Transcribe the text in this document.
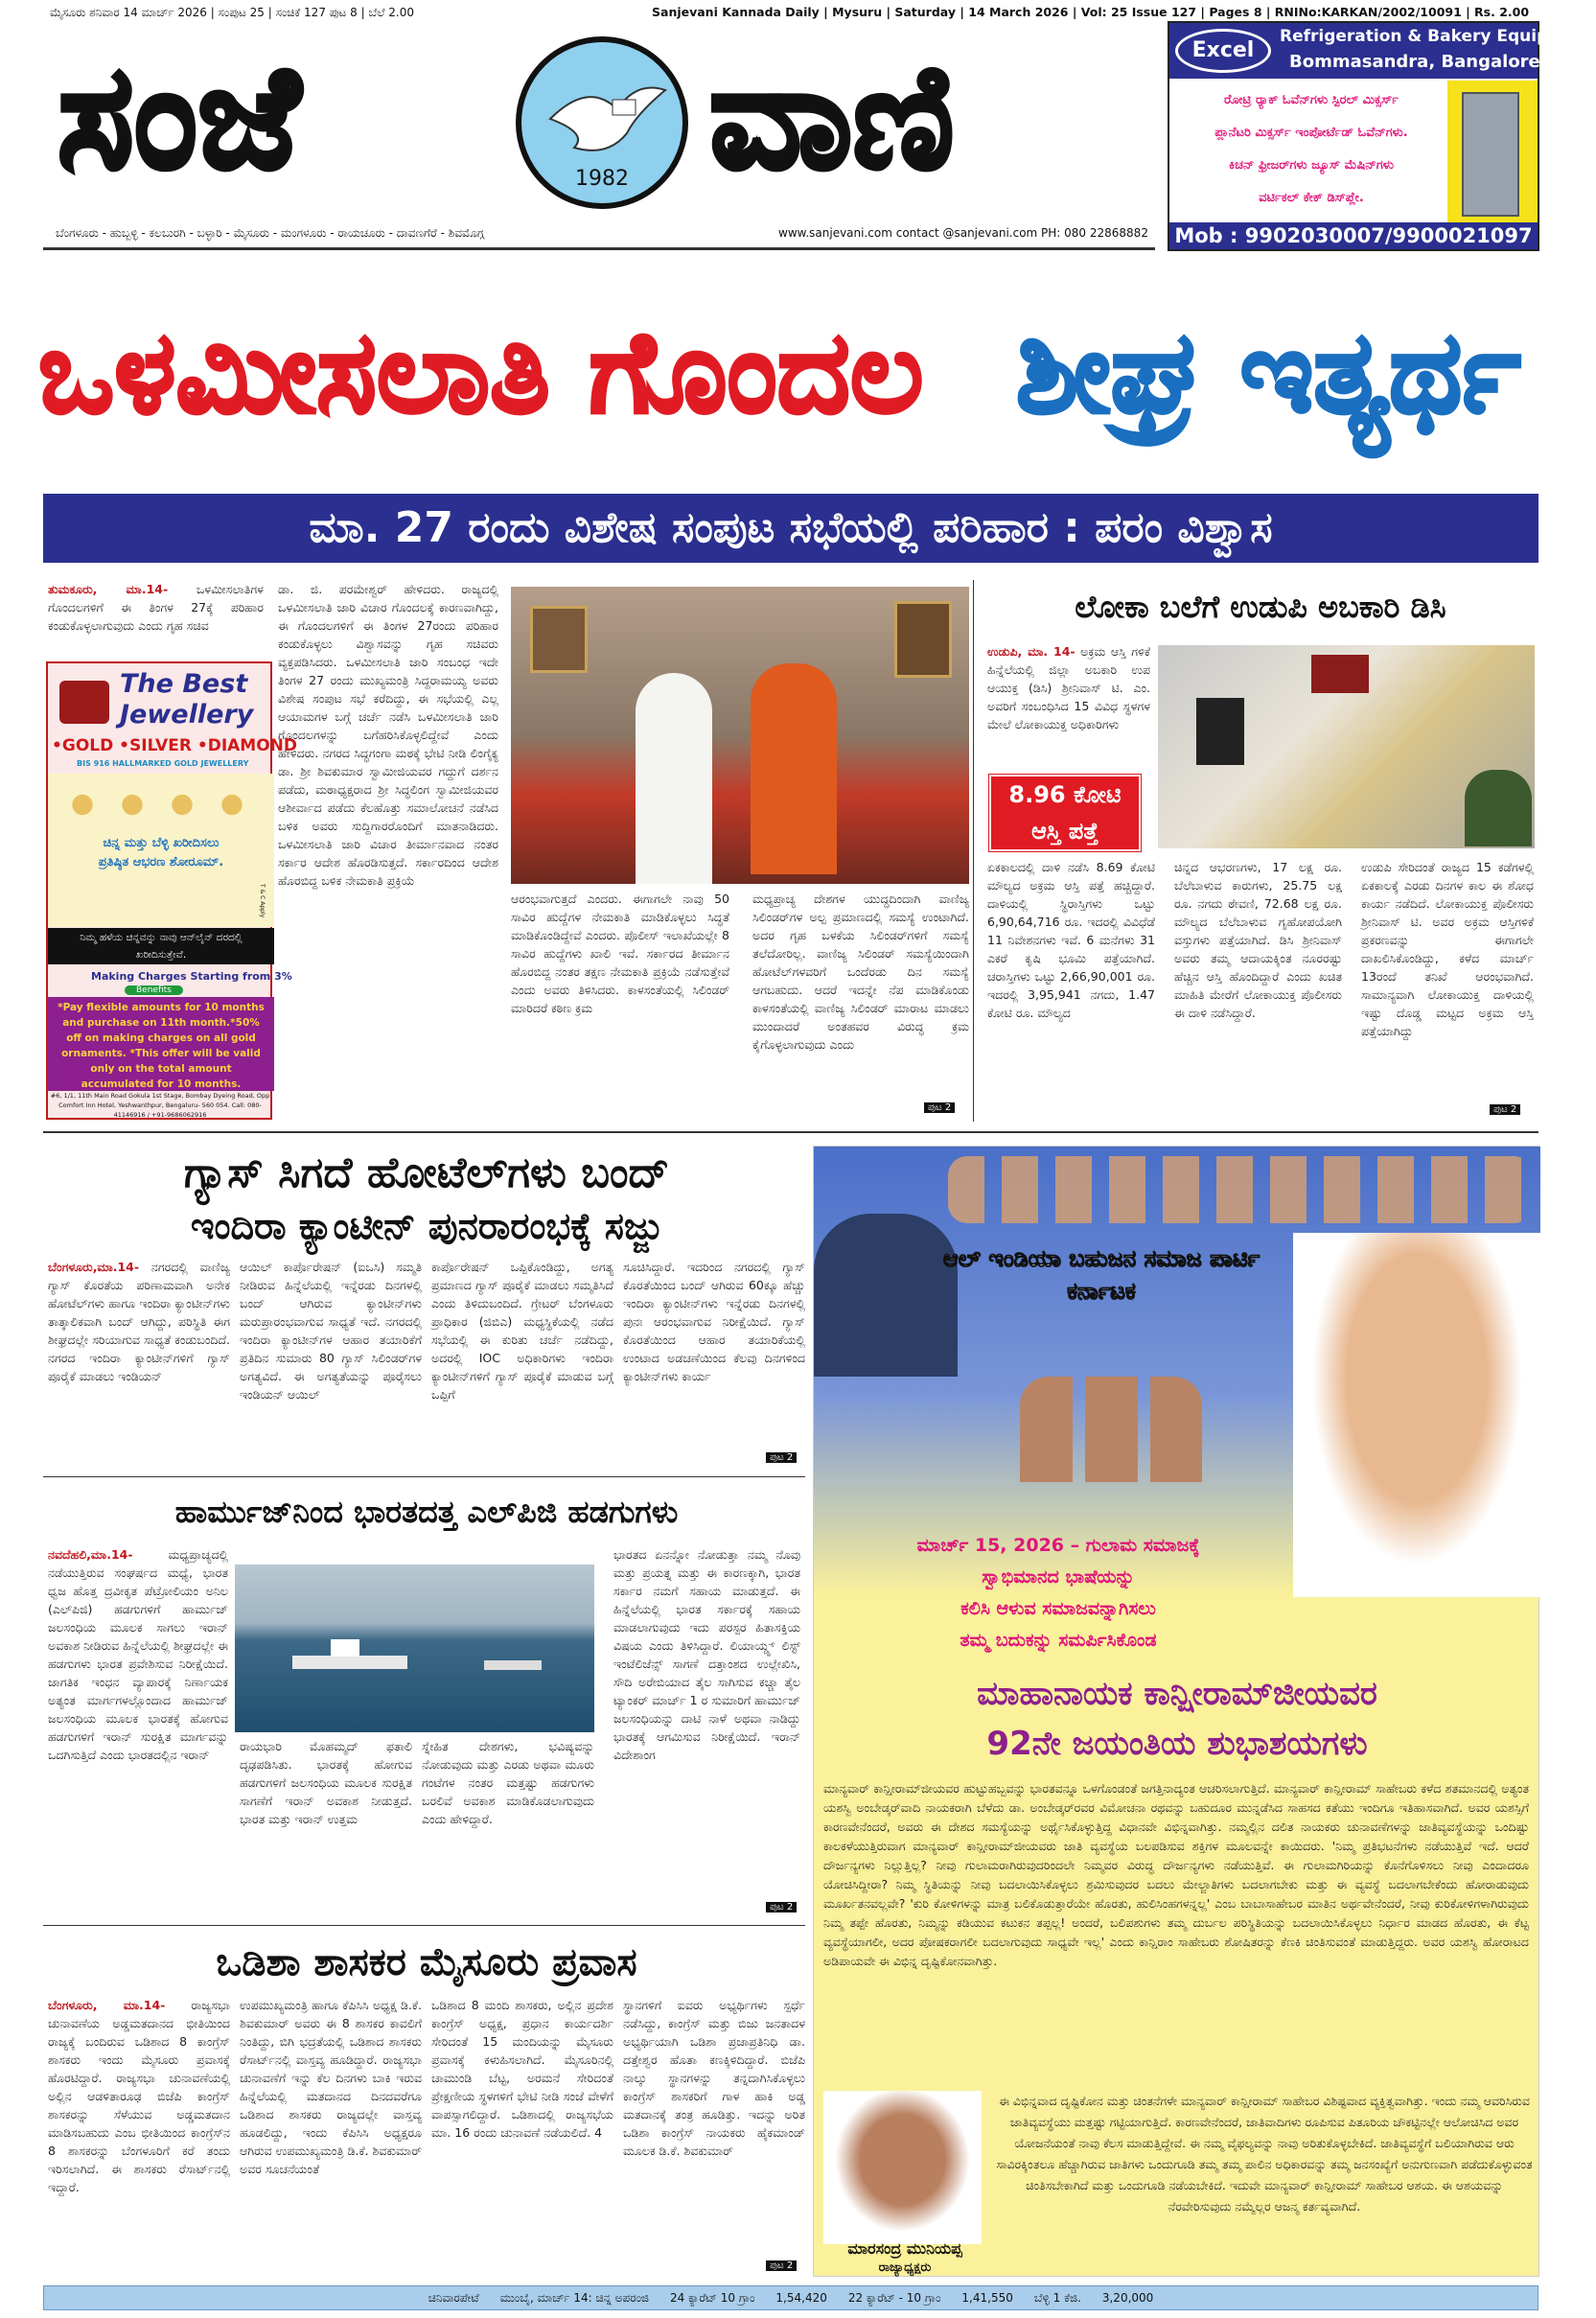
ಮೈಸೂರು ಶನಿವಾರ 14 ಮಾರ್ಚ್ 2026 | ಸಂಪುಟ 25 | ಸಂಚಿಕೆ 127 ಪುಟ 8 | ಬೆಲೆ 2.00	Sanjevani Kannada Daily | Mysuru | Saturday | 14 March 2026 | Vol: 25 Issue 127 | Pages 8 | RNINo:KARKAN/2002/10091 | Rs. 2.00
ಸಂಜೆ	1982 ವಾಣಿ
ಬೆಂಗಳೂರು - ಹುಬ್ಬಳ್ಳಿ - ಕಲಬುರಗಿ - ಬಳ್ಳಾರಿ - ಮೈಸೂರು - ಮಂಗಳೂರು - ರಾಯಚೂರು - ದಾವಣಗೆರೆ - ಶಿವಮೊಗ್ಗ	www.sanjevani.com contact @sanjevani.com PH: 080 22868882
Excel
Refrigeration & Bakery Equipment
Bommasandra, Bangalore
ರೋಟ್ರಿ ರ್‍ಯಾಕ್ ಓವೆನ್‌ಗಳು ಸ್ಪಿರಲ್ ಮಿಕ್ಸರ್ಸ್
ಪ್ಲಾನೆಟರಿ ಮಿಕ್ಸರ್ಸ್ ಇಂಪೋರ್ಟೆಡ್ ಓವೆನ್‌ಗಳು.
ಕಿಚನ್ ಫ್ರೀಜರ್‌ಗಳು ಜ್ಯೂಸ್ ಮೆಷಿನ್‌ಗಳು
ವರ್ಟಿಕಲ್ ಕೇಕ್ ಡಿಸ್‌ಪ್ಲೇ.
Mob : 9902030007/9900021097
ಒಳಮೀಸಲಾತಿ ಗೊಂದಲ ಶೀಘ್ರ ಇತ್ಯರ್ಥ
ಮಾ. 27 ರಂದು ವಿಶೇಷ ಸಂಪುಟ ಸಭೆಯಲ್ಲಿ ಪರಿಹಾರ : ಪರಂ ವಿಶ್ವಾಸ
ತುಮಕೂರು, ಮಾ.14- ಒಳಮೀಸಲಾತಿಗಳ ಗೊಂದಲಗಳಿಗೆ ಈ ತಿಂಗಳ 27ಕ್ಕೆ ಪರಿಹಾರ ಕಂಡುಕೊಳ್ಳಲಾಗುವುದು ಎಂದು ಗೃಹ ಸಚಿವ
ಡಾ. ಜಿ. ಪರಮೇಶ್ವರ್ ಹೇಳಿದರು. ರಾಜ್ಯದಲ್ಲಿ ಒಳಮೀಸಲಾತಿ ಜಾರಿ ವಿಚಾರ ಗೊಂದಲಕ್ಕೆ ಕಾರಣವಾಗಿದ್ದು, ಈ ಗೊಂದಲಗಳಿಗೆ ಈ ತಿಂಗಳ 27ರಂದು ಪರಿಹಾರ ಕಂಡುಕೊಳ್ಳಲು ವಿಶ್ವಾಸವನ್ನು ಗೃಹ ಸಚಿವರು ವ್ಯಕ್ತಪಡಿಸಿದರು. ಒಳಮೀಸಲಾತಿ ಜಾರಿ ಸಂಬಂಧ ಇದೇ ತಿಂಗಳ 27 ರಂದು ಮುಖ್ಯಮಂತ್ರಿ ಸಿದ್ದರಾಮಯ್ಯ ಅವರು ವಿಶೇಷ ಸಂಪುಟ ಸಭೆ ಕರೆದಿದ್ದು, ಈ ಸಭೆಯಲ್ಲಿ ಎಲ್ಲ ಆಯಾಮಗಳ ಬಗ್ಗೆ ಚರ್ಚೆ ನಡೆಸಿ ಒಳಮೀಸಲಾತಿ ಜಾರಿ ಗೊಂದಲಗಳನ್ನು ಬಗೆಹರಿಸಿಕೊಳ್ಳಲಿದ್ದೇವೆ ಎಂದು ಹೇಳಿದರು. ನಗರದ ಸಿದ್ಧಗಂಗಾ ಮಠಕ್ಕೆ ಭೇಟಿ ನೀಡಿ ಲಿಂಗೈಕ್ಯ ಡಾ. ಶ್ರೀ ಶಿವಕುಮಾರ ಸ್ವಾಮೀಜಿಯವರ ಗದ್ದುಗೆ ದರ್ಶನ ಪಡೆದು, ಮಠಾಧ್ಯಕ್ಷರಾದ ಶ್ರೀ ಸಿದ್ಧಲಿಂಗ ಸ್ವಾಮೀಜಿಯವರ ಆಶೀರ್ವಾದ ಪಡೆದು ಕೆಲಹೊತ್ತು ಸಮಾಲೋಚನೆ ನಡೆಸಿದ ಬಳಿಕ ಅವರು ಸುದ್ದಿಗಾರರೊಂದಿಗೆ ಮಾತನಾಡಿದರು. ಒಳಮೀಸಲಾತಿ ಜಾರಿ ವಿಚಾರ ತೀರ್ಮಾನವಾದ ನಂತರ ಸರ್ಕಾರ ಆದೇಶ ಹೊರಡಿಸುತ್ತದೆ. ಸರ್ಕಾರದಿಂದ ಆದೇಶ ಹೊರಬಿದ್ದ ಬಳಿಕ ನೇಮಕಾತಿ ಪ್ರಕ್ರಿಯೆ
ಆರಂಭವಾಗುತ್ತದೆ ಎಂದರು. ಈಗಾಗಲೇ ನಾವು 50 ಸಾವಿರ ಹುದ್ದೆಗಳ ನೇಮಕಾತಿ ಮಾಡಿಕೊಳ್ಳಲು ಸಿದ್ಧತೆ ಮಾಡಿಕೊಂಡಿದ್ದೇವೆ ಎಂದರು. ಪೊಲೀಸ್ ಇಲಾಖೆಯಲ್ಲೇ 8 ಸಾವಿರ ಹುದ್ದೆಗಳು ಖಾಲಿ ಇವೆ. ಸರ್ಕಾರದ ತೀರ್ಮಾನ ಹೊರಬಿದ್ದ ನಂತರ ತಕ್ಷಣ ನೇಮಕಾತಿ ಪ್ರಕ್ರಿಯೆ ನಡೆಸುತ್ತೇವೆ ಎಂದು ಅವರು ತಿಳಿಸಿದರು. ಕಾಳಸಂತೆಯಲ್ಲಿ ಸಿಲಿಂಡರ್ ಮಾರಿದರೆ ಕಠಿಣ ಕ್ರಮ
ಮಧ್ಯಪ್ರಾಚ್ಯ ದೇಶಗಳ ಯುದ್ಧದಿಂದಾಗಿ ವಾಣಿಜ್ಯ ಸಿಲಿಂಡರ್‌ಗಳ ಅಲ್ಪ ಪ್ರಮಾಣದಲ್ಲಿ ಸಮಸ್ಯೆ ಉಂಟಾಗಿದೆ. ಅದರ ಗೃಹ ಬಳಕೆಯ ಸಿಲಿಂಡರ್‌ಗಳಿಗೆ ಸಮಸ್ಯೆ ತಲೆದೋರಿಲ್ಲ. ವಾಣಿಜ್ಯ ಸಿಲಿಂಡರ್ ಸಮಸ್ಯೆಯಿಂದಾಗಿ ಹೋಟೆಲ್‌ಗಳವರಿಗೆ ಒಂದೆರಡು ದಿನ ಸಮಸ್ಯೆ ಆಗಬಹುದು. ಆದರೆ ಇದನ್ನೇ ನೆಪ ಮಾಡಿಕೊಂಡು ಕಾಳಸಂತೆಯಲ್ಲಿ ವಾಣಿಜ್ಯ ಸಿಲಿಂಡರ್ ಮಾರಾಟ ಮಾಡಲು ಮುಂದಾದರೆ ಅಂತಹವರ ವಿರುದ್ಧ ಕ್ರಮ ಕೈಗೊಳ್ಳಲಾಗುವುದು ಎಂದು
ಪುಟ 2
The Best
Jewellery
•GOLD •SILVER •DIAMOND
BIS 916 HALLMARKED GOLD JEWELLERY
ಚಿನ್ನ ಮತ್ತು ಬೆಳ್ಳಿ ಖರೀದಿಸಲು
ಪ್ರತಿಷ್ಠಿತ ಆಭರಣ ಶೋರೂಮ್.
T & C Apply
ನಿಮ್ಮ ಹಳೆಯ ಚಿನ್ನವನ್ನು ನಾವು ಆನ್‌ಲೈನ್ ದರದಲ್ಲಿ ಖರೀದಿಸುತ್ತೇವೆ.
Making Charges Starting from 3%
Benefits
*Pay flexible amounts for 10 months and purchase on 11th month.*50% off on making charges on all gold ornaments. *This offer will be valid only on the total amount accumulated for 10 months.
#6, 1/1, 11th Main Road Gokula 1st Stage, Bombay Dyeing Road, Opp Comfort Inn Hotel, Yeshwanthpur, Bengaluru- 560 054. Call: 080-41146916 / +91-9686062916
ಲೋಕಾ ಬಲೆಗೆ ಉಡುಪಿ ಅಬಕಾರಿ ಡಿಸಿ
ಉಡುಪಿ, ಮಾ. 14- ಅಕ್ರಮ ಆಸ್ತಿ ಗಳಿಕೆ ಹಿನ್ನೆಲೆಯಲ್ಲಿ ಜಿಲ್ಲಾ ಅಬಕಾರಿ ಉಪ ಆಯುಕ್ತ (ಡಿಸಿ) ಶ್ರೀನಿವಾಸ್ ಟಿ. ಎಂ. ಅವರಿಗೆ ಸಂಬಂಧಿಸಿದ 15 ವಿವಿಧ ಸ್ಥಳಗಳ ಮೇಲೆ ಲೋಕಾಯುಕ್ತ ಅಧಿಕಾರಿಗಳು
8.96 ಕೋಟಿ
ಆಸ್ತಿ ಪತ್ತೆ
ಏಕಕಾಲದಲ್ಲಿ ದಾಳಿ ನಡೆಸಿ 8.69 ಕೋಟಿ ಮೌಲ್ಯದ ಅಕ್ರಮ ಆಸ್ತಿ ಪತ್ತೆ ಹಚ್ಚಿದ್ದಾರೆ. ದಾಳಿಯಲ್ಲಿ ಸ್ಥಿರಾಸ್ತಿಗಳು ಒಟ್ಟು 6,90,64,716 ರೂ. ಇದರಲ್ಲಿ ವಿವಿಧೆಡೆ 11 ನಿವೇಶನಗಳು ಇವೆ. 6 ಮನೆಗಳು 31 ಎಕರೆ ಕೃಷಿ ಭೂಮಿ ಪತ್ತೆಯಾಗಿದೆ. ಚರಾಸ್ತಿಗಳು ಒಟ್ಟು 2,66,90,001 ರೂ. ಇದರಲ್ಲಿ 3,95,941 ನಗದು, 1.47 ಕೋಟಿ ರೂ. ಮೌಲ್ಯದ
ಚಿನ್ನದ ಆಭರಣಗಳು, 17 ಲಕ್ಷ ರೂ. ಬೆಲೆಬಾಳುವ ಕಾರುಗಳು, 25.75 ಲಕ್ಷ ರೂ. ನಗದು ಠೇವಣಿ, 72.68 ಲಕ್ಷ ರೂ. ಮೌಲ್ಯದ ಬೆಲೆಬಾಳುವ ಗೃಹೋಪಯೋಗಿ ವಸ್ತುಗಳು ಪತ್ತೆಯಾಗಿದೆ. ಡಿಸಿ ಶ್ರೀನಿವಾಸ್ ಅವರು ತಮ್ಮ ಆದಾಯಕ್ಕಿಂತ ನೂರರಷ್ಟು ಹೆಚ್ಚಿನ ಆಸ್ತಿ ಹೊಂದಿದ್ದಾರೆ ಎಂದು ಖಚಿತ ಮಾಹಿತಿ ಮೇರೆಗೆ ಲೋಕಾಯುಕ್ತ ಪೊಲೀಸರು ಈ ದಾಳಿ ನಡೆಸಿದ್ದಾರೆ.
ಉಡುಪಿ ಸೇರಿದಂತೆ ರಾಜ್ಯದ 15 ಕಡೆಗಳಲ್ಲಿ ಏಕಕಾಲಕ್ಕೆ ಎರಡು ದಿನಗಳ ಕಾಲ ಈ ಶೋಧ ಕಾರ್ಯ ನಡೆದಿದೆ. ಲೋಕಾಯುಕ್ತ ಪೊಲೀಸರು ಶ್ರೀನಿವಾಸ್ ಟಿ. ಅವರ ಅಕ್ರಮ ಆಸ್ತಿಗಳಿಕೆ ಪ್ರಕರಣವನ್ನು ಈಗಾಗಲೇ ದಾಖಲಿಸಿಕೊಂಡಿದ್ದು, ಕಳೆದ ಮಾರ್ಚ್ 13ರಂದೆ ತನಿಖೆ ಆರಂಭವಾಗಿದೆ. ಸಾಮಾನ್ಯವಾಗಿ ಲೋಕಾಯುಕ್ತ ದಾಳಿಯಲ್ಲಿ ಇಷ್ಟು ದೊಡ್ಡ ಮಟ್ಟದ ಅಕ್ರಮ ಆಸ್ತಿ ಪತ್ತೆಯಾಗಿದ್ದು
ಪುಟ 2
ಗ್ಯಾಸ್ ಸಿಗದೆ ಹೋಟೆಲ್‌ಗಳು ಬಂದ್
ಇಂದಿರಾ ಕ್ಯಾಂಟೀನ್ ಪುನರಾರಂಭಕ್ಕೆ ಸಜ್ಜು
ಬೆಂಗಳೂರು,ಮಾ.14- ನಗರದಲ್ಲಿ ವಾಣಿಜ್ಯ ಗ್ಯಾಸ್ ಕೊರತೆಯ ಪರಿಣಾಮವಾಗಿ ಅನೇಕ ಹೋಟೆಲ್‌ಗಳು ಹಾಗೂ ಇಂದಿರಾ ಕ್ಯಾಂಟೀನ್‌ಗಳು ತಾತ್ಕಾಲಿಕವಾಗಿ ಬಂದ್ ಆಗಿದ್ದು, ಪರಿಸ್ಥಿತಿ ಈಗ ಶೀಘ್ರದಲ್ಲೇ ಸರಿಯಾಗುವ ಸಾಧ್ಯತೆ ಕಂಡುಬಂದಿದೆ. ನಗರದ ಇಂದಿರಾ ಕ್ಯಾಂಟೀನ್‌ಗಳಿಗೆ ಗ್ಯಾಸ್ ಪೂರೈಕೆ ಮಾಡಲು ಇಂಡಿಯನ್
ಆಯಿಲ್ ಕಾರ್ಪೊರೇಷನ್ (ಐಒಸಿ) ಸಮ್ಮತಿ ನೀಡಿರುವ ಹಿನ್ನೆಲೆಯಲ್ಲಿ ಇನ್ನೆರಡು ದಿನಗಳಲ್ಲಿ ಬಂದ್ ಆಗಿರುವ ಕ್ಯಾಂಟೀನ್‌ಗಳು ಮರುಪ್ರಾರಂಭವಾಗುವ ಸಾಧ್ಯತೆ ಇದೆ. ನಗರದಲ್ಲಿ ಇಂದಿರಾ ಕ್ಯಾಂಟೀನ್‌ಗಳ ಆಹಾರ ತಯಾರಿಕೆಗೆ ಪ್ರತಿದಿನ ಸುಮಾರು 80 ಗ್ಯಾಸ್ ಸಿಲಿಂಡರ್‌ಗಳ ಅಗತ್ಯವಿದೆ. ಈ ಅಗತ್ಯತೆಯನ್ನು ಪೂರೈಸಲು ಇಂಡಿಯನ್ ಆಯಿಲ್
ಕಾರ್ಪೊರೇಷನ್ ಒಪ್ಪಿಕೊಂಡಿದ್ದು, ಅಗತ್ಯ ಪ್ರಮಾಣದ ಗ್ಯಾಸ್ ಪೂರೈಕೆ ಮಾಡಲು ಸಮ್ಮತಿಸಿದೆ ಎಂದು ತಿಳಿದುಬಂದಿದೆ. ಗ್ರೇಟರ್ ಬೆಂಗಳೂರು ಪ್ರಾಧಿಕಾರ (ಜಿಬಿಎ) ಮಧ್ಯಸ್ಥಿಕೆಯಲ್ಲಿ ನಡೆದ ಸಭೆಯಲ್ಲಿ ಈ ಕುರಿತು ಚರ್ಚೆ ನಡೆದಿದ್ದು, ಅದರಲ್ಲಿ IOC ಅಧಿಕಾರಿಗಳು ಇಂದಿರಾ ಕ್ಯಾಂಟೀನ್‌ಗಳಿಗೆ ಗ್ಯಾಸ್ ಪೂರೈಕೆ ಮಾಡುವ ಬಗ್ಗೆ ಒಪ್ಪಿಗೆ
ಸೂಚಿಸಿದ್ದಾರೆ. ಇದರಿಂದ ನಗರದಲ್ಲಿ ಗ್ಯಾಸ್ ಕೊರತೆಯಿಂದ ಬಂದ್ ಆಗಿರುವ 60ಕ್ಕೂ ಹೆಚ್ಚು ಇಂದಿರಾ ಕ್ಯಾಂಟೀನ್‌ಗಳು ಇನ್ನೆರಡು ದಿನಗಳಲ್ಲಿ ಪುನಃ ಆರಂಭವಾಗುವ ನಿರೀಕ್ಷೆಯಿದೆ. ಗ್ಯಾಸ್ ಕೊರತೆಯಿಂದ ಆಹಾರ ತಯಾರಿಕೆಯಲ್ಲಿ ಉಂಟಾದ ಅಡಚಣೆಯಿಂದ ಕೆಲವು ದಿನಗಳಿಂದ ಕ್ಯಾಂಟೀನ್‌ಗಳು ಕಾರ್ಯ
ಪುಟ 2
ಹಾರ್ಮುಜ್‌ನಿಂದ ಭಾರತದತ್ತ ಎಲ್‌ಪಿಜಿ ಹಡಗುಗಳು
ನವದೆಹಲಿ,ಮಾ.14-	ಮಧ್ಯಪ್ರಾಚ್ಯದಲ್ಲಿ ನಡೆಯುತ್ತಿರುವ ಸಂಘರ್ಷದ ಮಧ್ಯೆ, ಭಾರತ ಧ್ವಜ ಹೊತ್ತ ದ್ರವೀಕೃತ ಪೆಟ್ರೋಲಿಯಂ ಅನಿಲ (ಎಲ್‌ಪಿಜಿ) ಹಡಗುಗಳಿಗೆ ಹಾರ್ಮುಜ್ ಜಲಸಂಧಿಯ ಮೂಲಕ ಸಾಗಲು ಇರಾನ್ ಅವಕಾಶ ನೀಡಿರುವ ಹಿನ್ನೆಲೆಯಲ್ಲಿ ಶೀಘ್ರದಲ್ಲೇ ಈ ಹಡಗುಗಳು ಭಾರತ ಪ್ರವೇಶಿಸುವ ನಿರೀಕ್ಷೆಯಿದೆ. ಜಾಗತಿಕ ಇಂಧನ ವ್ಯಾಪಾರಕ್ಕೆ ನಿರ್ಣಾಯಕ ಅತ್ಯಂತ ಮಾರ್ಗಗಳಲ್ಲೊಂದಾದ ಹಾರ್ಮುಜ್ ಜಲಸಂಧಿಯ ಮೂಲಕ ಭಾರತಕ್ಕೆ ಹೋಗುವ ಹಡಗುಗಳಿಗೆ ಇರಾನ್ ಸುರಕ್ಷಿತ ಮಾರ್ಗವನ್ನು ಒದಗಿಸುತ್ತಿದೆ ಎಂದು ಭಾರತದಲ್ಲಿನ ಇರಾನ್
ರಾಯಭಾರಿ ಮೊಹಮ್ಮದ್ ಫತಾಲಿ ದೃಢಪಡಿಸಿತು. ಭಾರತಕ್ಕೆ ಹೋಗುವ ಹಡಗುಗಳಿಗೆ ಜಲಸಂಧಿಯ ಮೂಲಕ ಸುರಕ್ಷಿತ ಸಾಗಣೆಗೆ ಇರಾನ್ ಅವಕಾಶ ನೀಡುತ್ತದೆ. ಭಾರತ ಮತ್ತು ಇರಾನ್ ಉತ್ತಮ
ಸ್ನೇಹಿತ ದೇಶಗಳು, ಭವಿಷ್ಯವನ್ನು ನೋಡುವುದು ಮತ್ತು ಎರಡು ಅಥವಾ ಮೂರು ಗಂಟೆಗಳ ನಂತರ ಮತ್ತಷ್ಟು ಹಡಗುಗಳು ಬರಲಿವೆ ಅವಕಾಶ ಮಾಡಿಕೊಡಲಾಗುವುದು ಎಂದು ಹೇಳಿದ್ದಾರೆ.
ಭಾರತದ ಏನನ್ನೋ ನೋಡುತ್ತಾ ನಮ್ಮ ನೊವು ಮತ್ತು ಪ್ರಯತ್ನ ಮತ್ತು ಈ ಕಾರಣಕ್ಕಾಗಿ, ಭಾರತ ಸರ್ಕಾರ ನಮಗೆ ಸಹಾಯ ಮಾಡುತ್ತದೆ. ಈ ಹಿನ್ನೆಲೆಯಲ್ಲಿ ಭಾರತ ಸರ್ಕಾರಕ್ಕೆ ಸಹಾಯ ಮಾಡಲಾಗುವುದು ಇದು ಪರಸ್ಪರ ಹಿತಾಸಕ್ತಿಯ ವಿಷಯ ಎಂದು ತಿಳಿಸಿದ್ದಾರೆ. ಲಿಯಾಯ್ಡ್ಸ್ ಲಿಸ್ಟ್ ಇಂಟೆಲಿಜೆನ್ಸ್ ಸಾಗಣೆ ದತ್ತಾಂಶದ ಉಲ್ಲೇಖಿಸಿ, ಸೌದಿ ಅರೇಬಿಯಾದ ತೈಲ ಸಾಗಿಸುವ ಕಚ್ಚಾ ತೈಲ ಟ್ಯಾಂಕರ್ ಮಾರ್ಚ್ 1 ರ ಸುಮಾರಿಗೆ ಹಾರ್ಮುಜ್ ಜಲಸಂಧಿಯನ್ನು ದಾಟಿ ನಾಳೆ ಅಥವಾ ನಾಡಿದ್ದು ಭಾರತಕ್ಕೆ ಆಗಮಿಸುವ ನಿರೀಕ್ಷೆಯಿದೆ. ಇರಾನ್ ವಿದೇಶಾಂಗ
ಪುಟ 2
ಒಡಿಶಾ ಶಾಸಕರ ಮೈಸೂರು ಪ್ರವಾಸ
ಬೆಂಗಳೂರು, ಮಾ.14- ರಾಜ್ಯಸಭಾ ಚುನಾವಣೆಯ ಅಡ್ಡಮತದಾನದ ಭೀತಿಯಿಂದ ರಾಜ್ಯಕ್ಕೆ ಬಂದಿರುವ ಒಡಿಶಾದ 8 ಕಾಂಗ್ರೆಸ್ ಶಾಸಕರು ಇಂದು ಮೈಸೂರು ಪ್ರವಾಸಕ್ಕೆ ಹೊರಟಿದ್ದಾರೆ. ರಾಜ್ಯಸಭಾ ಚುನಾವಣೆಯಲ್ಲಿ ಅಲ್ಲಿನ ಆಡಳಿತಾರೂಢ ಬಿಜೆಪಿ ಕಾಂಗ್ರೆಸ್ ಶಾಸಕರನ್ನು ಸೆಳೆಯುವ ಅಡ್ಡಮತದಾನ ಮಾಡಿಸಬಹುದು ಎಂಬ ಭೀತಿಯಿಂದ ಕಾಂಗ್ರೆಸ್‌ನ 8 ಶಾಸಕರನ್ನು ಬೆಂಗಳೂರಿಗೆ ಕರೆ ತಂದು ಇರಿಸಲಾಗಿದೆ. ಈ ಶಾಸಕರು ರೆಸಾರ್ಟ್‌ನಲ್ಲಿ ಇದ್ದಾರೆ.
ಉಪಮುಖ್ಯಮಂತ್ರಿ ಹಾಗೂ ಕೆಪಿಸಿಸಿ ಅಧ್ಯಕ್ಷ ಡಿ.ಕೆ. ಶಿವಕುಮಾರ್ ಅವರು ಈ 8 ಶಾಸಕರ ಕಾವಲಿಗೆ ನಿಂತಿದ್ದು, ಬಿಗಿ ಭದ್ರತೆಯಲ್ಲಿ ಒಡಿಶಾದ ಶಾಸಕರು ರೆಸಾರ್ಟ್‌ನಲ್ಲಿ ವಾಸ್ತವ್ಯ ಹೂಡಿದ್ದಾರೆ. ರಾಜ್ಯಸಭಾ ಚುನಾವಣೆಗೆ ಇನ್ನು ಕೆಲ ದಿನಗಳು ಬಾಕಿ ಇರುವ ಹಿನ್ನೆಲೆಯಲ್ಲಿ ಮತದಾನದ ದಿನದವರೆಗೂ ಒಡಿಶಾದ ಶಾಸಕರು ರಾಜ್ಯದಲ್ಲೇ ವಾಸ್ತವ್ಯ ಹೂಡಲಿದ್ದು, ಇಂದು ಕೆಪಿಸಿಸಿ ಅಧ್ಯಕ್ಷರೂ ಆಗಿರುವ ಉಪಮುಖ್ಯಮಂತ್ರಿ ಡಿ.ಕೆ. ಶಿವಕುಮಾರ್ ಅವರ ಸೂಚನೆಯಂತೆ
ಒಡಿಶಾದ 8 ಮಂದಿ ಶಾಸಕರು, ಅಲ್ಲಿನ ಪ್ರದೇಶ ಕಾಂಗ್ರೆಸ್ ಅಧ್ಯಕ್ಷ, ಪ್ರಧಾನ ಕಾರ್ಯದರ್ಶಿ ಸೇರಿದಂತೆ 15 ಮಂದಿಯನ್ನು ಮೈಸೂರು ಪ್ರವಾಸಕ್ಕೆ ಕಳುಹಿಸಲಾಗಿದೆ. ಮೈಸೂರಿನಲ್ಲಿ ಚಾಮುಂಡಿ ಬೆಟ್ಟ, ಅರಮನೆ ಸೇರಿದಂತೆ ಪ್ರೇಕ್ಷಣೀಯ ಸ್ಥಳಗಳಿಗೆ ಭೇಟಿ ನೀಡಿ ಸಂಜೆ ವೇಳೆಗೆ ವಾಪಸ್ಸಾಗಲಿದ್ದಾರೆ. ಒಡಿಶಾದಲ್ಲಿ ರಾಜ್ಯಸಭೆಯ ಮಾ. 16 ರಂದು ಚುನಾವಣೆ ನಡೆಯಲಿದೆ. 4
ಸ್ಥಾನಗಳಿಗೆ ಐವರು ಅಭ್ಯರ್ಥಿಗಳು ಸ್ಪರ್ಧೆ ನಡೆಸಿದ್ದು, ಕಾಂಗ್ರೆಸ್ ಮತ್ತು ಬಿಜು ಜನತಾದಳ ಅಭ್ಯರ್ಥಿಯಾಗಿ ಒಡಿಶಾ ಪ್ರಜಾಪ್ರತಿನಿಧಿ ಡಾ. ದತ್ತೇಶ್ವರ ಹೊತಾ ಕಣಕ್ಕಿಳಿದಿದ್ದಾರೆ. ಬಿಜೆಪಿ ನಾಲ್ಕು ಸ್ಥಾನಗಳನ್ನು ತನ್ನದಾಗಿಸಿಕೊಳ್ಳಲು ಕಾಂಗ್ರೆಸ್ ಶಾಸಕರಿಗೆ ಗಾಳ ಹಾಕಿ ಅಡ್ಡ ಮತದಾನಕ್ಕೆ ತಂತ್ರ ಹೂಡಿತ್ತು. ಇದನ್ನು ಅರಿತ ಒಡಿಶಾ ಕಾಂಗ್ರೆಸ್ ನಾಯಕರು ಹೈಕಮಾಂಡ್ ಮೂಲಕ ಡಿ.ಕೆ. ಶಿವಕುಮಾರ್
ಪುಟ 2
ಆಲ್ ಇಂಡಿಯಾ ಬಹುಜನ ಸಮಾಜ ಪಾರ್ಟಿ
ಕರ್ನಾಟಕ
ಮಾರ್ಚ್ 15, 2026 – ಗುಲಾಮ ಸಮಾಜಕ್ಕೆ
ಸ್ವಾಭಿಮಾನದ ಭಾಷೆಯನ್ನು
ಕಲಿಸಿ ಆಳುವ ಸಮಾಜವನ್ನಾಗಿಸಲು
ತಮ್ಮ ಬದುಕನ್ನು ಸಮರ್ಪಿಸಿಕೊಂಡ
ಮಾಹಾನಾಯಕ ಕಾನ್ಷೀರಾಮ್‌ಜೀಯವರ
92ನೇ ಜಯಂತಿಯ ಶುಭಾಶಯಗಳು
ಮಾನ್ಯವಾರ್ ಕಾನ್ಷೀರಾಮ್‌ಜೀಯವರ ಹುಟ್ಟುಹಬ್ಬವನ್ನು ಭಾರತವನ್ನೂ ಒಳಗೊಂಡಂತೆ ಜಗತ್ತಿನಾದ್ಯಂತ ಆಚರಿಸಲಾಗುತ್ತಿದೆ. ಮಾನ್ಯವಾರ್ ಕಾನ್ಷೀರಾಮ್ ಸಾಹೇಬರು ಕಳೆದ ಶತಮಾನದಲ್ಲಿ ಅತ್ಯಂತ ಯಶಸ್ವಿ ಅಂಬೇಡ್ಕರ್‌ವಾದಿ ನಾಯಕರಾಗಿ ಬೆಳೆದು ಡಾ. ಅಂಬೇಡ್ಕರ್‌ರವರ ವಿಮೋಚನಾ ರಥವನ್ನು ಬಹುದೂರ ಮುನ್ನಡೆಸಿದ ಸಾಹಸದ ಕತೆಯು ಇಂದಿಗೂ ಇತಿಹಾಸವಾಗಿದೆ. ಅವರ ಯಶಸ್ಸಿಗೆ ಕಾರಣವೇನೆಂದರೆ, ಅವರು ಈ ದೇಶದ ಸಮಸ್ಯೆಯನ್ನು ಅರ್ಥೈಸಿಕೊಳ್ಳುತ್ತಿದ್ದ ವಿಧಾನವೇ ವಿಭಿನ್ನವಾಗಿತ್ತು. ನಮ್ಮಲ್ಲಿನ ದಲಿತ ನಾಯಕರು ಚುನಾವಣೆಗಳನ್ನು ಜಾತಿವ್ಯವಸ್ಥೆಯನ್ನು ಒಂದಿಷ್ಟು ಕಾಲಕಳೆಯುತ್ತಿರುವಾಗ ಮಾನ್ಯವಾರ್ ಕಾನ್ಷೀರಾಮ್‌ಜೀಯವರು ಜಾತಿ ವ್ಯವಸ್ಥೆಯ ಬಲಪಡಿಸುವ ಶಕ್ತಿಗಳ ಮೂಲವನ್ನೇ ಕಾಯಿದರು. 'ನಿಮ್ಮ ಪ್ರತಿಭಟನೆಗಳು ನಡೆಯುತ್ತಿವೆ ಇದೆ. ಆದರೆ ದೌರ್ಜನ್ಯಗಳು ನಿಲ್ಲುತ್ತಿಲ್ಲ? ನೀವು ಗುಲಾಮರಾಗಿರುವುದರಿಂದಲೇ ನಿಮ್ಮವರ ವಿರುದ್ಧ ದೌರ್ಜನ್ಯಗಳು ನಡೆಯುತ್ತಿವೆ. ಈ ಗುಲಾಮಗಿರಿಯನ್ನು ಕೊನೆಗೊಳಿಸಲು ನೀವು ಎಂದಾದರೂ ಯೋಚಿಸಿದ್ದೀರಾ? ನಿಮ್ಮ ಸ್ಥಿತಿಯನ್ನು ನೀವು ಬದಲಾಯಿಸಿಕೊಳ್ಳಲು ಶ್ರಮಿಸುವುದರ ಬದಲು ಮೇಲ್ಜಾತಿಗಳು ಬದಲಾಗಬೇಕು ಮತ್ತು ಈ ವ್ಯವಸ್ಥೆ ಬದಲಾಗಬೇಕೆಂದು ಹೋರಾಡುವುದು ಮೂರ್ಖತನವಲ್ಲವೇ? 'ಕುರಿ ಕೋಳಿಗಳನ್ನು ಮಾತ್ರ ಬಲಿಕೊಡುತ್ತಾರೆಯೇ ಹೊರತು, ಹುಲಿಸಿಂಹಗಳನ್ನಲ್ಲ' ಎಂಬ ಬಾಬಾಸಾಹೇಬರ ಮಾತಿನ ಅರ್ಥವೇನೆಂದರೆ, ನೀವು ಕುರಿಕೋಳಿಗಳಾಗಿರುವುದು ನಿಮ್ಮ ತಪ್ಪೇ ಹೊರತು, ನಿಮ್ಮನ್ನು ಕಡಿಯುವ ಕಟುಕನ ತಪ್ಪಲ್ಲ! ಅಂದರೆ, ಬಲಿಪಶುಗಳು ತಮ್ಮ ದುರ್ಬಲ ಪರಿಸ್ಥಿತಿಯನ್ನು ಬದಲಾಯಿಸಿಕೊಳ್ಳಲು ನಿರ್ಧಾರ ಮಾಡದ ಹೊರತು, ಈ ಕೆಟ್ಟ ವ್ಯವಸ್ಥೆಯಾಗಲೀ, ಅದರ ಪೋಷಕರಾಗಲೀ ಬದಲಾಗುವುದು ಸಾಧ್ಯವೇ ಇಲ್ಲ' ಎಂದು ಕಾನ್ಷಿರಾಂ ಸಾಹೇಬರು ಶೋಷಿತರನ್ನು ಕೆಣಕಿ ಚಿಂತಿಸುವಂತೆ ಮಾಡುತ್ತಿದ್ದರು. ಅವರ ಯಶಸ್ವಿ ಹೋರಾಟದ ಅಡಿಪಾಯವೇ ಈ ವಿಭಿನ್ನ ದೃಷ್ಟಿಕೋನವಾಗಿತ್ತು.
ಮಾರಸಂದ್ರ ಮುನಿಯಪ್ಪ
ರಾಜ್ಯಾಧ್ಯಕ್ಷರು
ಈ ವಿಭಿನ್ನವಾದ ದೃಷ್ಟಿಕೋನ ಮತ್ತು ಚಿಂತನೆಗಳೇ ಮಾನ್ಯವಾರ್ ಕಾನ್ಷೀರಾಮ್ ಸಾಹೇಬರ ವಿಶಿಷ್ಟವಾದ ವ್ಯಕ್ತಿತ್ವವಾಗಿತ್ತು. ಇಂದು ನಮ್ಮ ಆವರಿಸಿರುವ ಜಾತಿವ್ಯವಸ್ಥೆಯು ಮತ್ತಷ್ಟು ಗಟ್ಟಿಯಾಗುತ್ತಿದೆ. ಕಾರಣವೇನೆಂದರೆ, ಜಾತಿವಾದಿಗಳು ರೂಪಿಸುವ ಪಿತೂರಿಯ ಚೌಕಟ್ಟಿನಲ್ಲೇ ಆಲೋಚಿಸಿದ ಅವರ ಯೋಜನೆಯಂತೆ ನಾವು ಕೆಲಸ ಮಾಡುತ್ತಿದ್ದೇವೆ. ಈ ನಮ್ಮ ವೈಫಲ್ಯವನ್ನು ನಾವು ಅರಿತುಕೊಳ್ಳಬೇಕಿದೆ. ಜಾತಿವ್ಯವಸ್ಥೆಗೆ ಬಲಿಯಾಗಿರುವ ಆರು ಸಾವಿರಕ್ಕಿಂತಲೂ ಹೆಚ್ಚಾಗಿರುವ ಜಾತಿಗಳು ಒಂದುಗೂಡಿ ತಮ್ಮ ತಮ್ಮ ಪಾಲಿನ ಅಧಿಕಾರವನ್ನು ತಮ್ಮ ಜನಸಂಖ್ಯೆಗೆ ಅನುಗುಣವಾಗಿ ಪಡೆದುಕೊಳ್ಳುವಂತ ಚಿಂತಿಸಬೇಕಾಗಿದೆ ಮತ್ತು ಒಂದುಗೂಡಿ ನಡೆಯಬೇಕಿದೆ. ಇದುವೇ ಮಾನ್ಯವಾರ್ ಕಾನ್ಷೀರಾಮ್ ಸಾಹೇಬರ ಆಶಯ. ಈ ಆಶಯವನ್ನು ನೆರವೇರಿಸುವುದು ನಮ್ಮೆಲ್ಲರ ಆಜನ್ಮ ಕರ್ತವ್ಯವಾಗಿದೆ.
ಚಿನಿವಾರಪೇಟೆ ಮುಂಬೈ, ಮಾರ್ಚ್ 14: ಚಿನ್ನ ಅಪರಂಜಿ 24 ಕ್ಯಾರೆಟ್ 10 ಗ್ರಾಂ 1,54,420 22 ಕ್ಯಾರೆಟ್ - 10 ಗ್ರಾಂ 1,41,550 ಬೆಳ್ಳಿ 1 ಕೆಜಿ. 3,20,000
